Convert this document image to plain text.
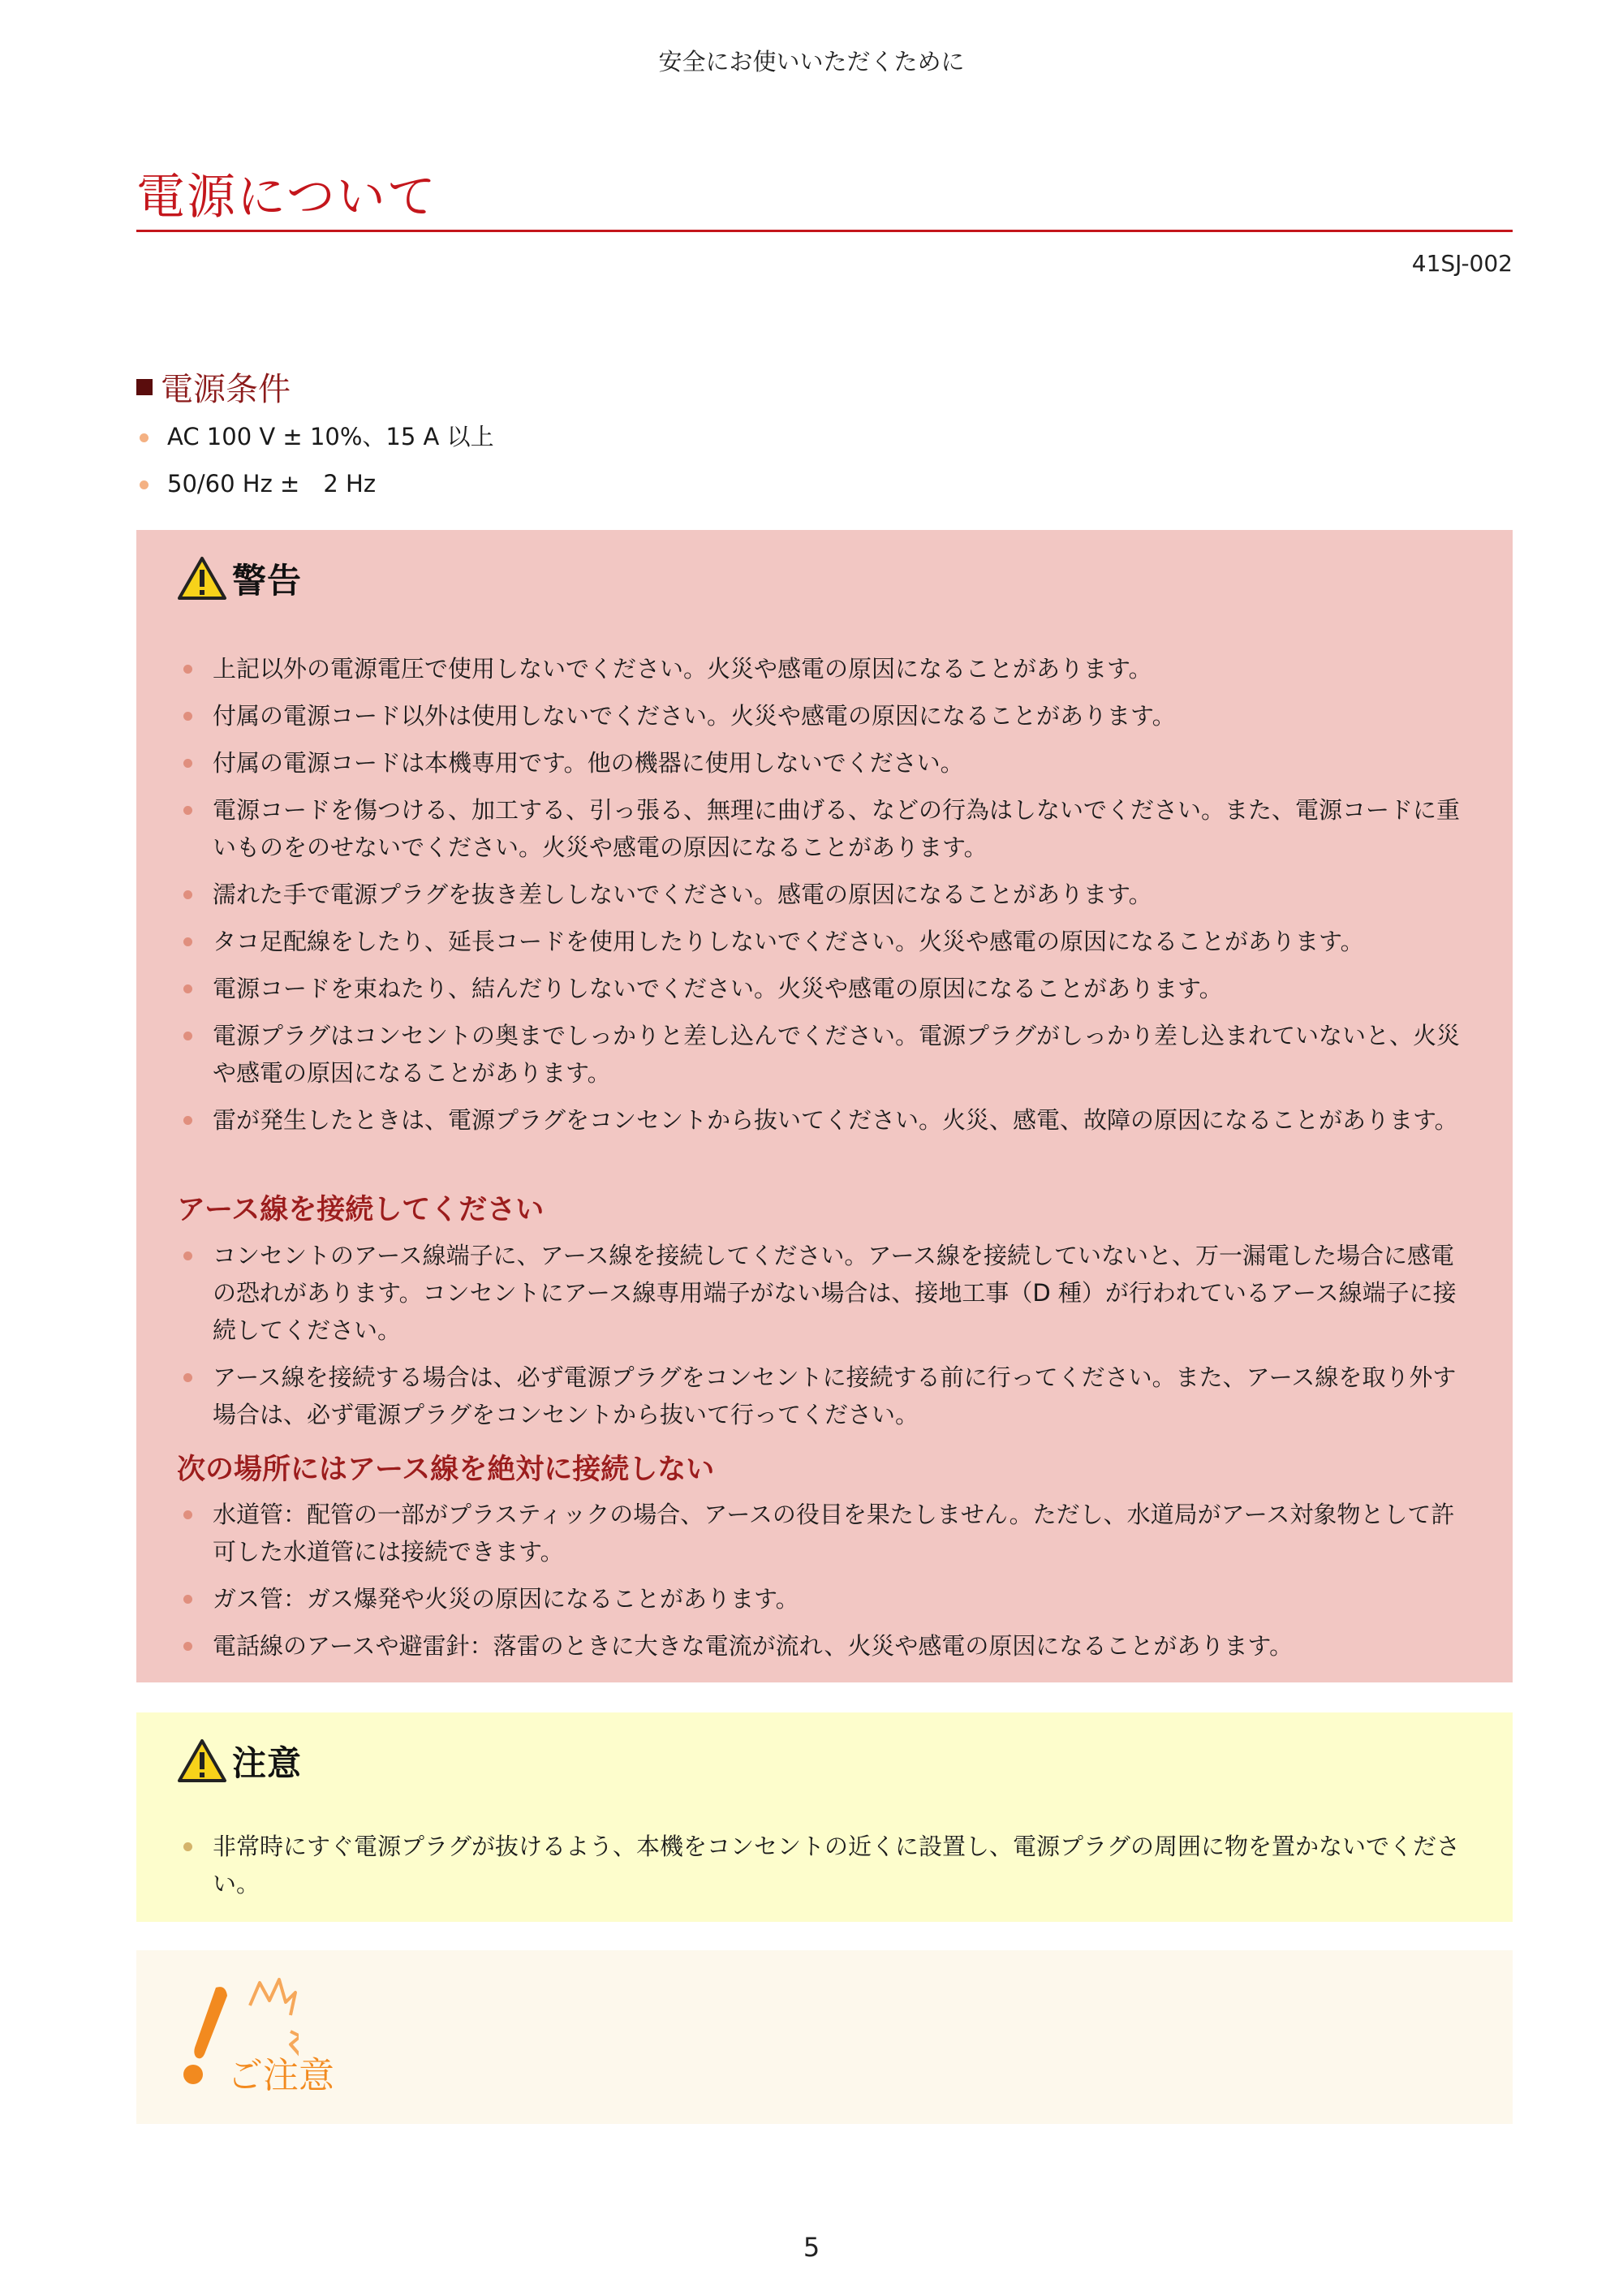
安全にお使いいただくために
電源について
41SJ-002
電源条件
AC 100 V ± 10%、15 A 以上
50/60 Hz ±　2 Hz
警告
上記以外の電源電圧で使用しないでください。火災や感電の原因になることがあります。
付属の電源コード以外は使用しないでください。火災や感電の原因になることがあります。
付属の電源コードは本機専用です。他の機器に使用しないでください。
電源コードを傷つける、加工する、引っ張る、無理に曲げる、などの行為はしないでください。また、電源コードに重いものをのせないでください。火災や感電の原因になることがあります。
濡れた手で電源プラグを抜き差ししないでください。感電の原因になることがあります。
タコ足配線をしたり、延長コードを使用したりしないでください。火災や感電の原因になることがあります。
電源コードを束ねたり、結んだりしないでください。火災や感電の原因になることがあります。
電源プラグはコンセントの奥までしっかりと差し込んでください。電源プラグがしっかり差し込まれていないと、火災や感電の原因になることがあります。
雷が発生したときは、電源プラグをコンセントから抜いてください。火災、感電、故障の原因になることがあります。
アース線を接続してください
コンセントのアース線端子に、アース線を接続してください。アース線を接続していないと、万一漏電した場合に感電の恐れがあります。コンセントにアース線専用端子がない場合は、接地工事（D 種）が行われているアース線端子に接続してください。
アース線を接続する場合は、必ず電源プラグをコンセントに接続する前に行ってください。また、アース線を取り外す場合は、必ず電源プラグをコンセントから抜いて行ってください。
次の場所にはアース線を絶対に接続しない
水道管：配管の一部がプラスティックの場合、アースの役目を果たしません。ただし、水道局がアース対象物として許可した水道管には接続できます。
ガス管：ガス爆発や火災の原因になることがあります。
電話線のアースや避雷針：落雷のときに大きな電流が流れ、火災や感電の原因になることがあります。
注意
非常時にすぐ電源プラグが抜けるよう、本機をコンセントの近くに設置し、電源プラグの周囲に物を置かないでください。
ご注意
5
